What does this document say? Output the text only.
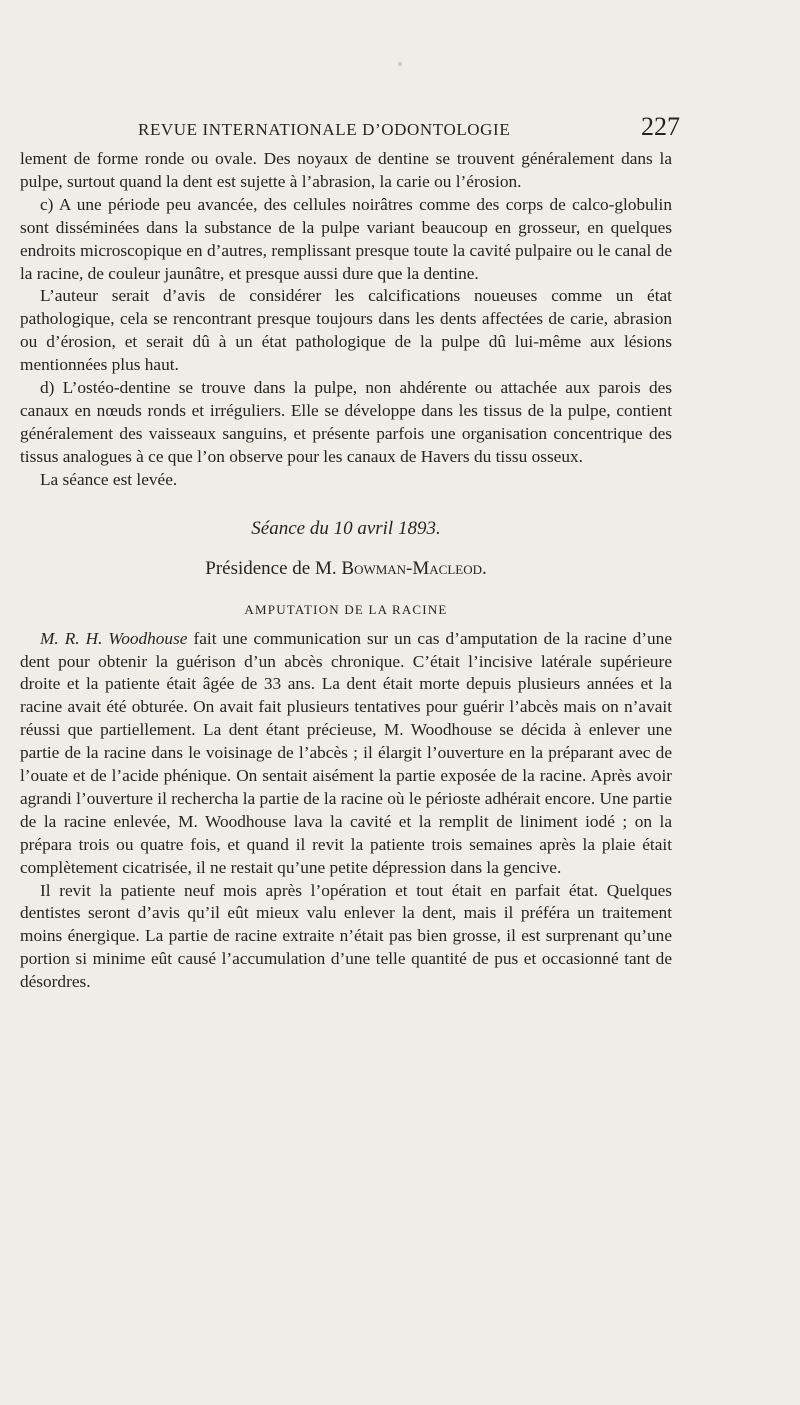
REVUE INTERNATIONALE D’ODONTOLOGIE	227

lement de forme ronde ou ovale. Des noyaux de dentine se trouvent généralement dans la pulpe, surtout quand la dent est sujette à l’abrasion, la carie ou l’érosion.

c) A une période peu avancée, des cellules noirâtres comme des corps de calco-globulin sont disséminées dans la substance de la pulpe variant beaucoup en grosseur, en quelques endroits microscopique en d’autres, remplissant presque toute la cavité pulpaire ou le canal de la racine, de couleur jaunâtre, et presque aussi dure que la dentine.

L’auteur serait d’avis de considérer les calcifications noueuses comme un état pathologique, cela se rencontrant presque toujours dans les dents affectées de carie, abrasion ou d’érosion, et serait dû à un état pathologique de la pulpe dû lui-même aux lésions mentionnées plus haut.

d) L’ostéo-dentine se trouve dans la pulpe, non ahdérente ou attachée aux parois des canaux en nœuds ronds et irréguliers. Elle se développe dans les tissus de la pulpe, contient généralement des vaisseaux sanguins, et présente parfois une organisation concentrique des tissus analogues à ce que l’on observe pour les canaux de Havers du tissu osseux.

La séance est levée.

Séance du 10 avril 1893.

Présidence de M. Bowman-Macleod.

AMPUTATION DE LA RACINE

M. R. H. Woodhouse fait une communication sur un cas d’amputation de la racine d’une dent pour obtenir la guérison d’un abcès chronique. C’était l’incisive latérale supérieure droite et la patiente était âgée de 33 ans. La dent était morte depuis plusieurs années et la racine avait été obturée. On avait fait plusieurs tentatives pour guérir l’abcès mais on n’avait réussi que partiellement. La dent étant précieuse, M. Woodhouse se décida à enlever une partie de la racine dans le voisinage de l’abcès ; il élargit l’ouverture en la préparant avec de l’ouate et de l’acide phénique. On sentait aisément la partie exposée de la racine. Après avoir agrandi l’ouverture il rechercha la partie de la racine où le périoste adhérait encore. Une partie de la racine enlevée, M. Woodhouse lava la cavité et la remplit de liniment iodé ; on la prépara trois ou quatre fois, et quand il revit la patiente trois semaines après la plaie était complètement cicatrisée, il ne restait qu’une petite dépression dans la gencive.

Il revit la patiente neuf mois après l’opération et tout était en parfait état. Quelques dentistes seront d’avis qu’il eût mieux valu enlever la dent, mais il préféra un traitement moins énergique. La partie de racine extraite n’était pas bien grosse, il est surprenant qu’une portion si minime eût causé l’accumulation d’une telle quantité de pus et occasionné tant de désordres.
